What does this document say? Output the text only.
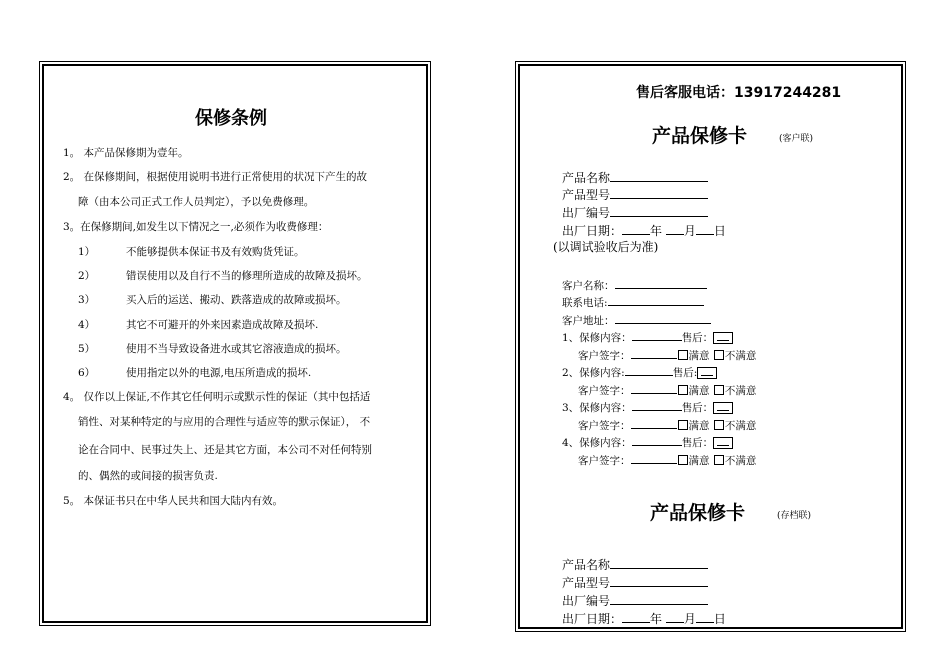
保修条例
1。 本产品保修期为壹年。
2。 在保修期间，根据使用说明书进行正常使用的状况下产生的故
障（由本公司正式工作人员判定），予以免费修理。
3。在保修期间,如发生以下情况之一,必须作为收费修理：
1）	不能够提供本保证书及有效购货凭证。
2）	错误使用以及自行不当的修理所造成的故障及损坏。
3）	买入后的运送、搬动、跌落造成的故障或损坏。
4）	其它不可避开的外来因素造成故障及损坏.
5）	使用不当导致设备进水或其它溶液造成的损坏。
6）	使用指定以外的电源,电压所造成的损坏.
4。 仅作以上保证,不作其它任何明示或默示性的保证（其中包括适
销性、对某种特定的与应用的合理性与适应等的默示保证）， 不
论在合同中、民事过失上、还是其它方面，本公司不对任何特别
的、偶然的或间接的损害负责.
5。 本保证书只在中华人民共和国大陆内有效。
售后客服电话：13917244281
产品保修卡	(客户联)
产品名称
产品型号
出厂编号
出厂日期： 年 月 日
(以调试验收后为准)
客户名称：
联系电话:
客户地址：
1、保修内容：	售后：
客户签字：	满意 不满意
2、保修内容:	售后:
客户签字：	满意 不满意
3、保修内容：	售后：
客户签字：	满意 不满意
4、保修内容：	售后：
客户签字：	满意 不满意
产品保修卡	(存档联)
产品名称
产品型号
出厂编号
出厂日期： 年 月 日
